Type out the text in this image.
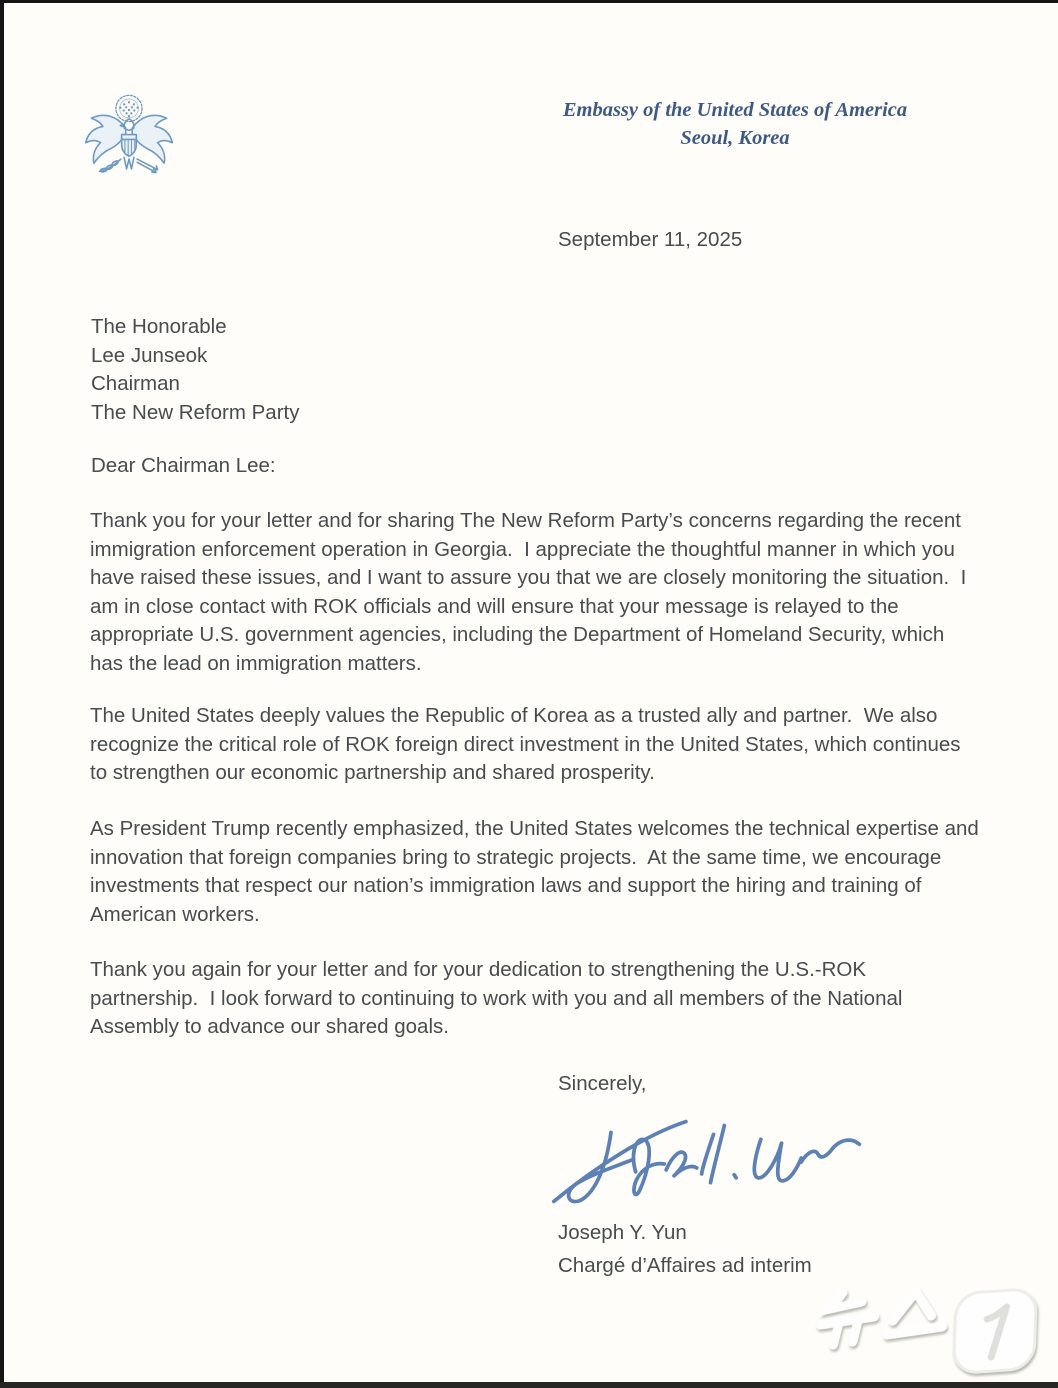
Embassy of the United States of America
Seoul, Korea
September 11, 2025
The Honorable
Lee Junseok
Chairman
The New Reform Party
Dear Chairman Lee:
Thank you for your letter and for sharing The New Reform Party’s concerns regarding the recent
immigration enforcement operation in Georgia.  I appreciate the thoughtful manner in which you
have raised these issues, and I want to assure you that we are closely monitoring the situation.  I
am in close contact with ROK officials and will ensure that your message is relayed to the
appropriate U.S. government agencies, including the Department of Homeland Security, which
has the lead on immigration matters.
The United States deeply values the Republic of Korea as a trusted ally and partner.  We also
recognize the critical role of ROK foreign direct investment in the United States, which continues
to strengthen our economic partnership and shared prosperity.
As President Trump recently emphasized, the United States welcomes the technical expertise and
innovation that foreign companies bring to strategic projects.  At the same time, we encourage
investments that respect our nation’s immigration laws and support the hiring and training of
American workers.
Thank you again for your letter and for your dedication to strengthening the U.S.-ROK
partnership.  I look forward to continuing to work with you and all members of the National
Assembly to advance our shared goals.
Sincerely,
Joseph Y. Yun
Chargé d’Affaires ad interim
